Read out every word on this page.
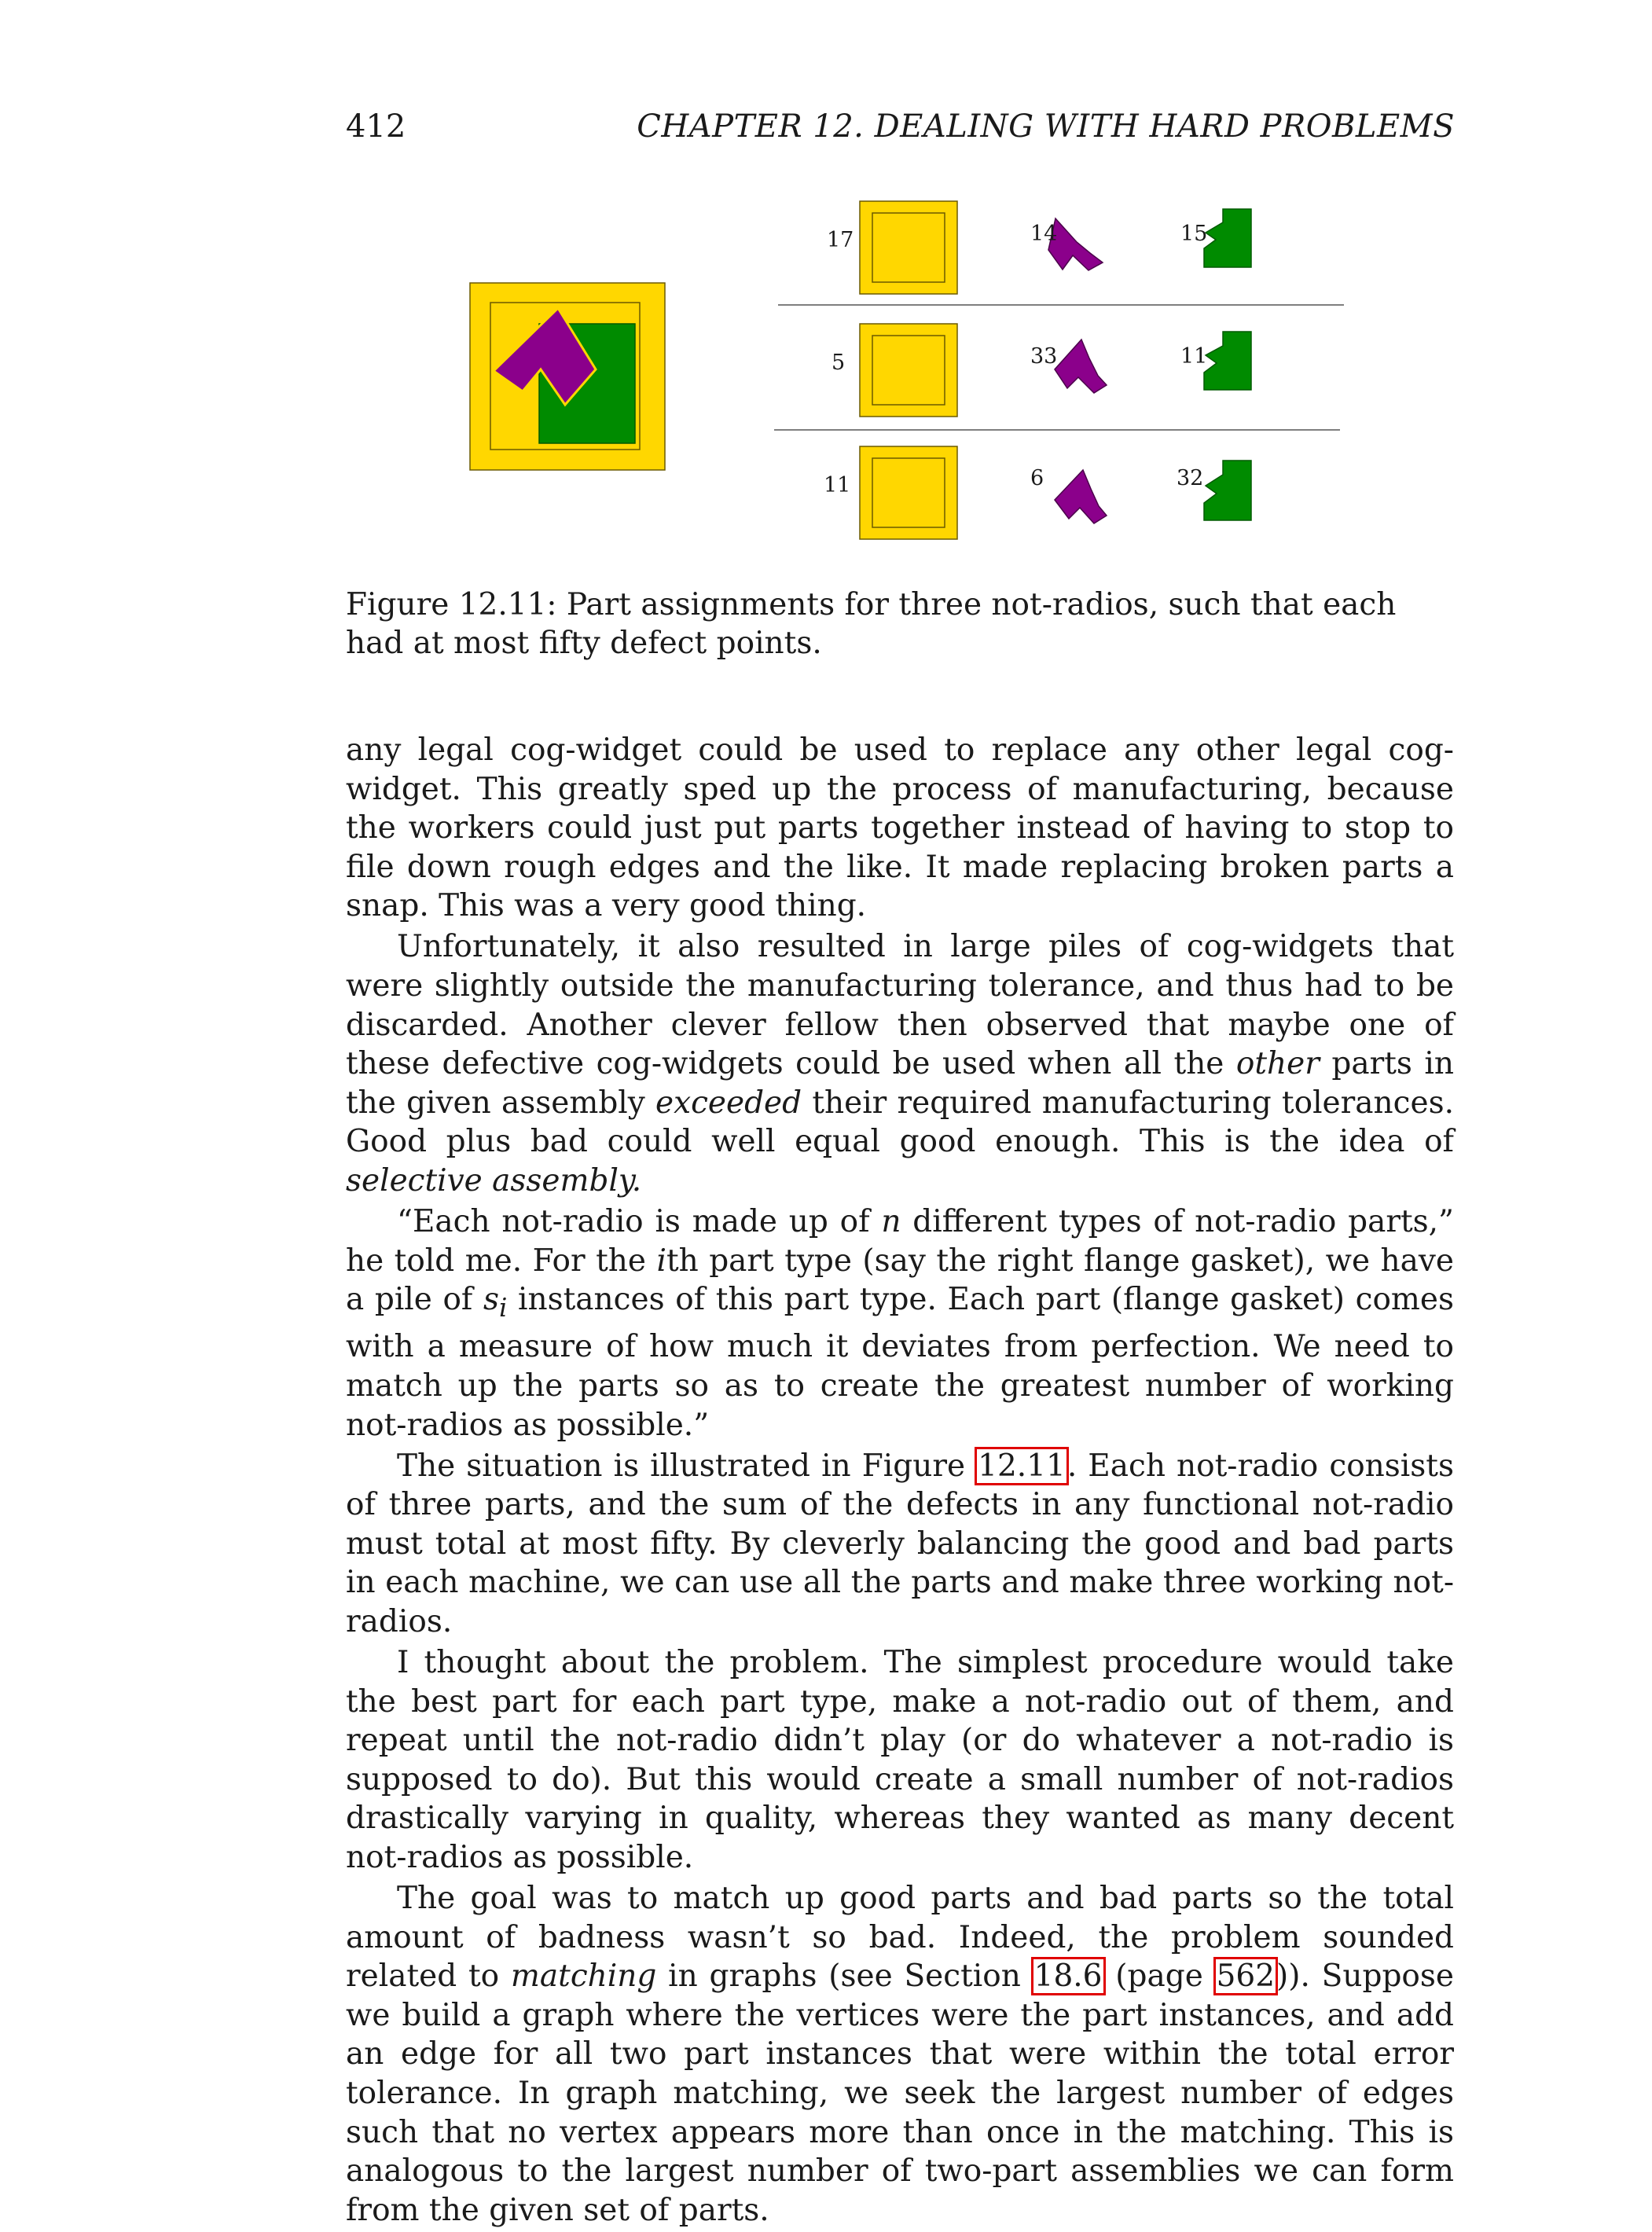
412	CHAPTER 12. DEALING WITH HARD PROBLEMS
17	14	15
5	33	11
11	6	32
Figure 12.11: Part assignments for three not-radios, such that each had at most fifty defect points.

any legal cog-widget could be used to replace any other legal cog-widget. This greatly sped up the process of manufacturing, because the workers could just put parts together instead of having to stop to file down rough edges and the like. It made replacing broken parts a snap. This was a very good thing.

Unfortunately, it also resulted in large piles of cog-widgets that were slightly outside the manufacturing tolerance, and thus had to be discarded. Another clever fellow then observed that maybe one of these defective cog-widgets could be used when all the other parts in the given assembly exceeded their required manufacturing tolerances. Good plus bad could well equal good enough. This is the idea of selective assembly.

“Each not-radio is made up of n different types of not-radio parts,” he told me. For the ith part type (say the right flange gasket), we have a pile of $s_i$ instances of this part type. Each part (flange gasket) comes with a measure of how much it deviates from perfection. We need to match up the parts so as to create the greatest number of working not-radios as possible.”

The situation is illustrated in Figure 12.11. Each not-radio consists of three parts, and the sum of the defects in any functional not-radio must total at most fifty. By cleverly balancing the good and bad parts in each machine, we can use all the parts and make three working not-radios.

I thought about the problem. The simplest procedure would take the best part for each part type, make a not-radio out of them, and repeat until the not-radio didn’t play (or do whatever a not-radio is supposed to do). But this would create a small number of not-radios drastically varying in quality, whereas they wanted as many decent not-radios as possible.

The goal was to match up good parts and bad parts so the total amount of badness wasn’t so bad. Indeed, the problem sounded related to matching in graphs (see Section 18.6 (page 562)). Suppose we build a graph where the vertices were the part instances, and add an edge for all two part instances that were within the total error tolerance. In graph matching, we seek the largest number of edges such that no vertex appears more than once in the matching. This is analogous to the largest number of two-part assemblies we can form from the given set of parts.
